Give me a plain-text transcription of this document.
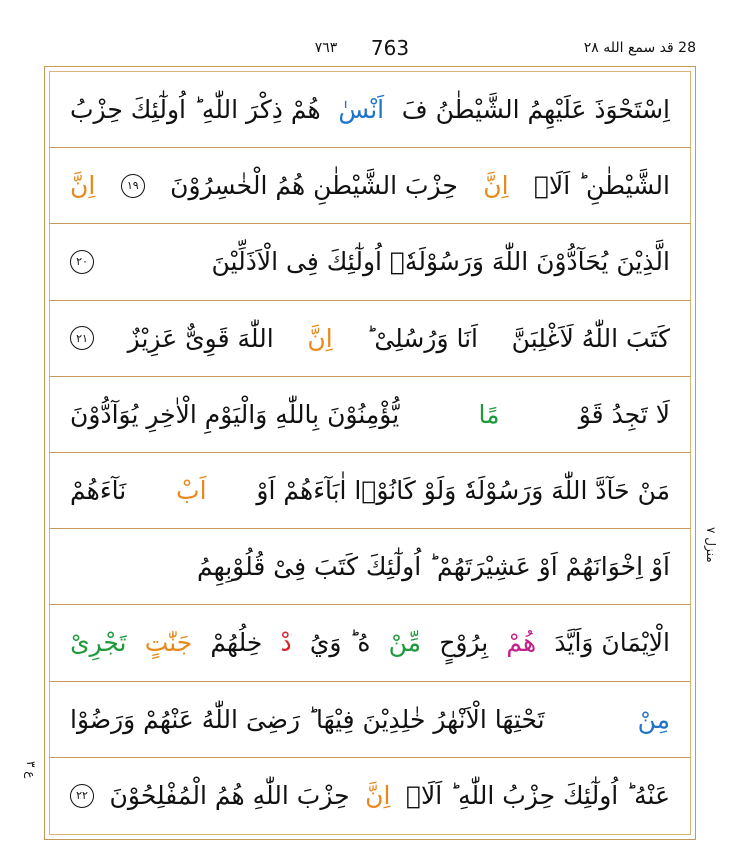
28 قد سمع الله ٢٨
763
٧٦٣
اِسْتَحْوَذَ عَلَيْهِمُ الشَّيْطٰنُ فَ
اَنْسٰ
هُمْ ذِكْرَ اللّٰهِ ؕ اُولٰٓئِكَ حِزْبُ
الشَّيْطٰنِ ؕ اَلَاۤ
اِنَّ
حِزْبَ الشَّيْطٰنِ هُمُ الْخٰسِرُوْنَ
١٩
اِنَّ
الَّذِيْنَ يُحَآدُّوْنَ اللّٰهَ وَرَسُوْلَهٗۤ اُولٰٓئِكَ فِى الْاَذَلِّيْنَ
٢٠
كَتَبَ اللّٰهُ لَاَغْلِبَنَّ
اَنَا وَرُسُلِىْ ؕ
اِنَّ
اللّٰهَ قَوِىٌّ عَزِيْزٌ
٢١
لَا تَجِدُ قَوْ
مًا
يُّؤْمِنُوْنَ بِاللّٰهِ وَالْيَوْمِ الْاٰخِرِ يُوَآدُّوْنَ
مَنْ حَآدَّ اللّٰهَ وَرَسُوْلَهٗ وَلَوْ كَانُوْۤا اٰبَآءَهُمْ اَوْ
اَبْ
نَآءَهُمْ
اَوْ اِخْوَانَهُمْ اَوْ عَشِيْرَتَهُمْ ؕ اُولٰٓئِكَ كَتَبَ فِىْ قُلُوْبِهِمُ
الْاِيْمَانَ وَاَيَّدَ
هُمْ
بِرُوْحٍ
مِّنْ
هُ ؕ وَيُ
دْ
خِلُهُمْ
جَنّٰتٍ
تَجْرِىْ
مِنْ
تَحْتِهَا الْاَنْهٰرُ خٰلِدِيْنَ فِيْهَا ؕ رَضِىَ اللّٰهُ عَنْهُمْ وَرَضُوْا
عَنْهُ ؕ اُولٰٓئِكَ حِزْبُ اللّٰهِ ؕ اَلَاۤ
اِنَّ
حِزْبَ اللّٰهِ هُمُ الْمُفْلِحُوْنَ
٢٢
منزل ٧
ع ٣
